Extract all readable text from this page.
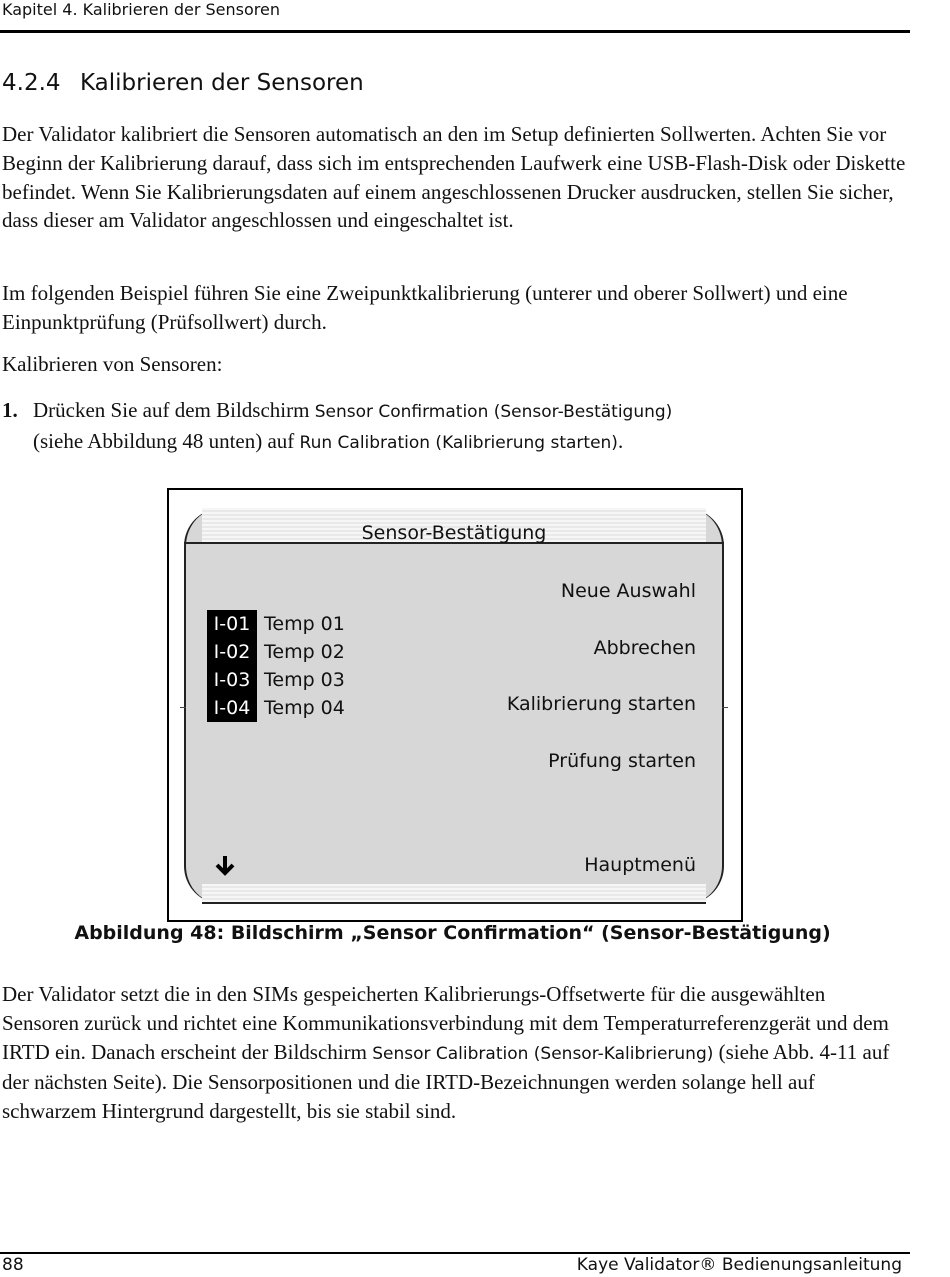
Kapitel 4. Kalibrieren der Sensoren
4.2.4 Kalibrieren der Sensoren

Der Validator kalibriert die Sensoren automatisch an den im Setup definierten Sollwerten. Achten Sie vor Beginn der Kalibrierung darauf, dass sich im entsprechenden Laufwerk eine USB-Flash-Disk oder Diskette befindet. Wenn Sie Kalibrierungsdaten auf einem angeschlossenen Drucker ausdrucken, stellen Sie sicher, dass dieser am Validator angeschlossen und eingeschaltet ist.

Im folgenden Beispiel führen Sie eine Zweipunktkalibrierung (unterer und oberer Sollwert) und eine Einpunktprüfung (Prüfsollwert) durch.

Kalibrieren von Sensoren:

1. Drücken Sie auf dem Bildschirm Sensor Confirmation (Sensor-Bestätigung)
(siehe Abbildung 48 unten) auf Run Calibration (Kalibrierung starten).
Sensor-Bestätigung
I-01 Temp 01
I-02 Temp 02
I-03 Temp 03
I-04 Temp 04
Neue Auswahl
Abbrechen
Kalibrierung starten
Prüfung starten
Hauptmenü
Abbildung 48: Bildschirm „Sensor Confirmation“ (Sensor-Bestätigung)

Der Validator setzt die in den SIMs gespeicherten Kalibrierungs-Offsetwerte für die ausgewählten Sensoren zurück und richtet eine Kommunikationsverbindung mit dem Temperaturreferenzgerät und dem IRTD ein. Danach erscheint der Bildschirm Sensor Calibration (Sensor-Kalibrierung) (siehe Abb. 4-11 auf der nächsten Seite). Die Sensorpositionen und die IRTD-Bezeichnungen werden solange hell auf schwarzem Hintergrund dargestellt, bis sie stabil sind.

88	Kaye Validator® Bedienungsanleitung
